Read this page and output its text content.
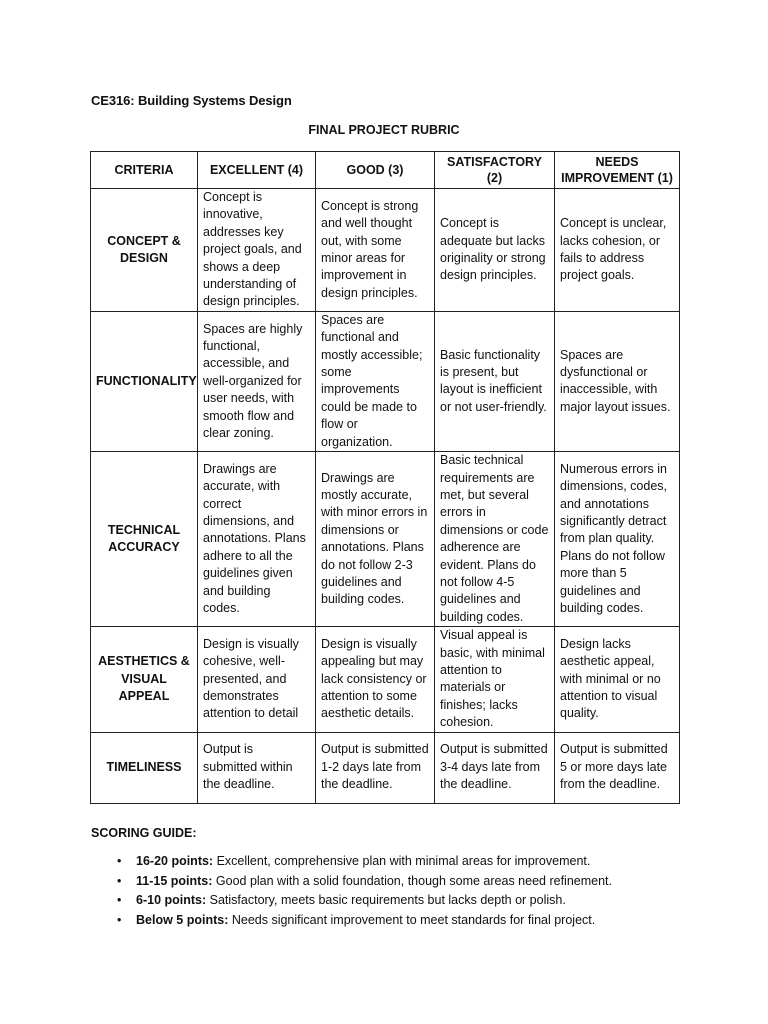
CE316: Building Systems Design
FINAL PROJECT RUBRIC
CRITERIA	EXCELLENT (4)	GOOD (3)	SATISFACTORY (2)	NEEDS IMPROVEMENT (1)
CONCEPT & DESIGN	Concept is innovative, addresses key project goals, and shows a deep understanding of design principles.	Concept is strong and well thought out, with some minor areas for improvement in design principles.	Concept is adequate but lacks originality or strong design principles.	Concept is unclear, lacks cohesion, or fails to address project goals.
FUNCTIONALITY	Spaces are highly functional, accessible, and well-organized for user needs, with smooth flow and clear zoning.	Spaces are functional and mostly accessible; some improvements could be made to flow or organization.	Basic functionality is present, but layout is inefficient or not user-friendly.	Spaces are dysfunctional or inaccessible, with major layout issues.
TECHNICAL ACCURACY	Drawings are accurate, with correct dimensions, and annotations. Plans adhere to all the guidelines given and building codes.	Drawings are mostly accurate, with minor errors in dimensions or annotations. Plans do not follow 2-3 guidelines and building codes.	Basic technical requirements are met, but several errors in dimensions or code adherence are evident. Plans do not follow 4-5 guidelines and building codes.	Numerous errors in dimensions, codes, and annotations significantly detract from plan quality. Plans do not follow more than 5 guidelines and building codes.
AESTHETICS & VISUAL APPEAL	Design is visually cohesive, well-presented, and demonstrates attention to detail	Design is visually appealing but may lack consistency or attention to some aesthetic details.	Visual appeal is basic, with minimal attention to materials or finishes; lacks cohesion.	Design lacks aesthetic appeal, with minimal or no attention to visual quality.
TIMELINESS	Output is submitted within the deadline.	Output is submitted 1-2 days late from the deadline.	Output is submitted 3-4 days late from the deadline.	Output is submitted 5 or more days late from the deadline.
SCORING GUIDE:
• 16-20 points: Excellent, comprehensive plan with minimal areas for improvement.
• 11-15 points: Good plan with a solid foundation, though some areas need refinement.
• 6-10 points: Satisfactory, meets basic requirements but lacks depth or polish.
• Below 5 points: Needs significant improvement to meet standards for final project.
